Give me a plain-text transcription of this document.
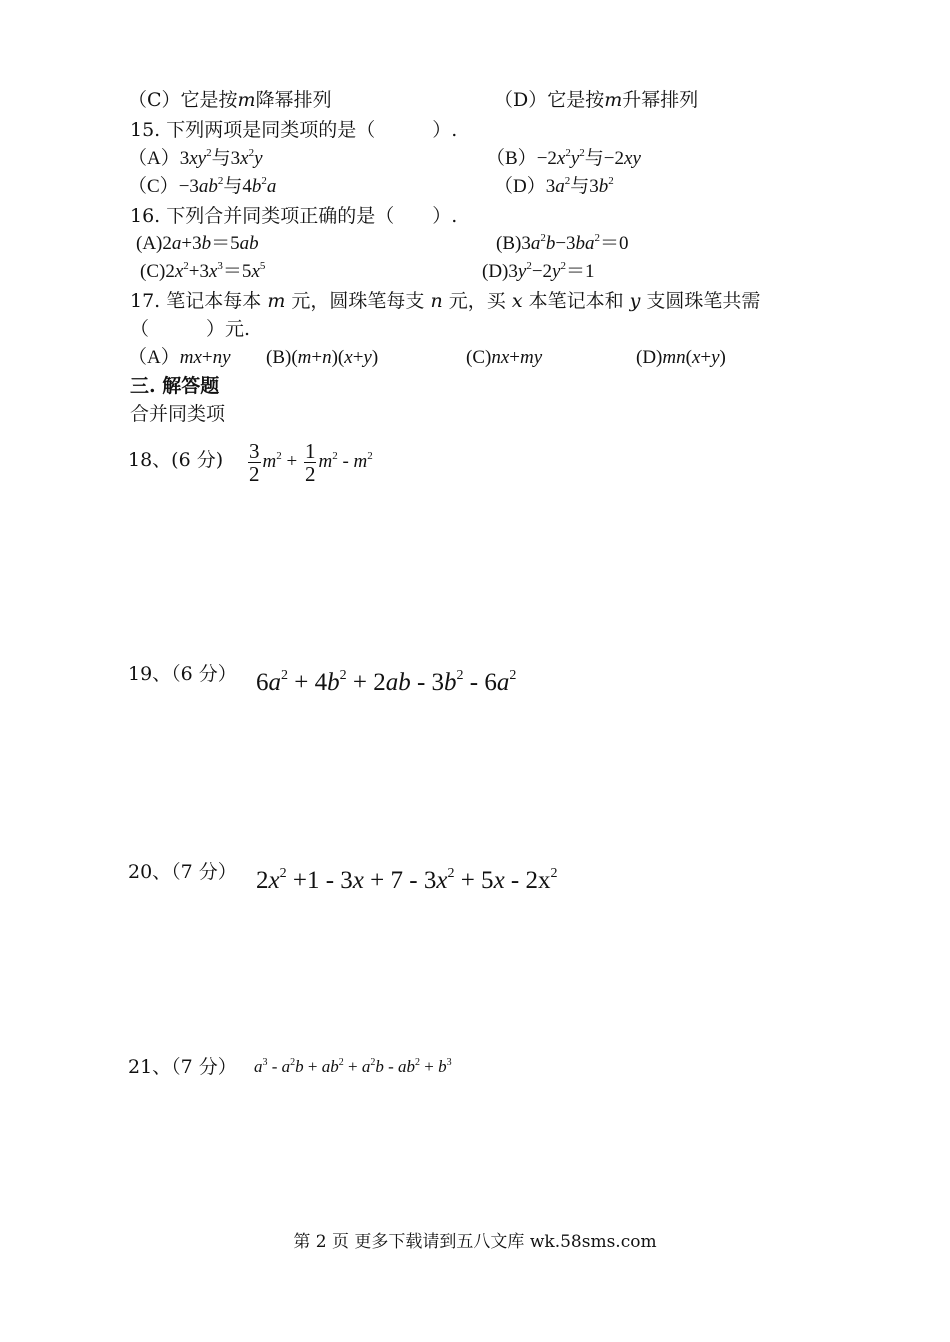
（C）它是按m降幂排列	（D）它是按m升幂排列
15. 下列两项是同类项的是（　　　）.
$(A)3xy^2$与$3x^2y$	$(B)-2x^2y^2$与−2xy
$(C)-3ab^2$与$4b^2a$	$(D)3a^2$与$3b^2$
16. 下列合并同类项正确的是（　　）.
(A)2a+3b＝5ab	$(B)3a^2b-3ba^2=0$
$(C)2x^2+3x^3=5x^5$	$(D)3y^2-2y^2=1$
17. 笔记本每本 m 元，圆珠笔每支 n 元，买 x 本笔记本和 y 支圆珠笔共需
（　　　）元.
（A）mx+ny (B)(m+n)(x+y)	(C)nx+my	(D)mn(x+y)
三. 解答题
合并同类项
18、(6 分) $\frac{3}{2} m^2 + \frac{1}{2} m^2 - m^2$
19、（6 分） $6a^2 + 4b^2 + 2ab - 3b^2 - 6a^2$
20、（7 分） $2x^2 +1 - 3x + 7 - 3x^2 + 5x - 2x^2$
21、（7 分） $a^3 - a^2b + ab^2 + a^2b - ab^2 + b^3$
第 2 页 更多下载请到五八文库 wk.58sms.com
